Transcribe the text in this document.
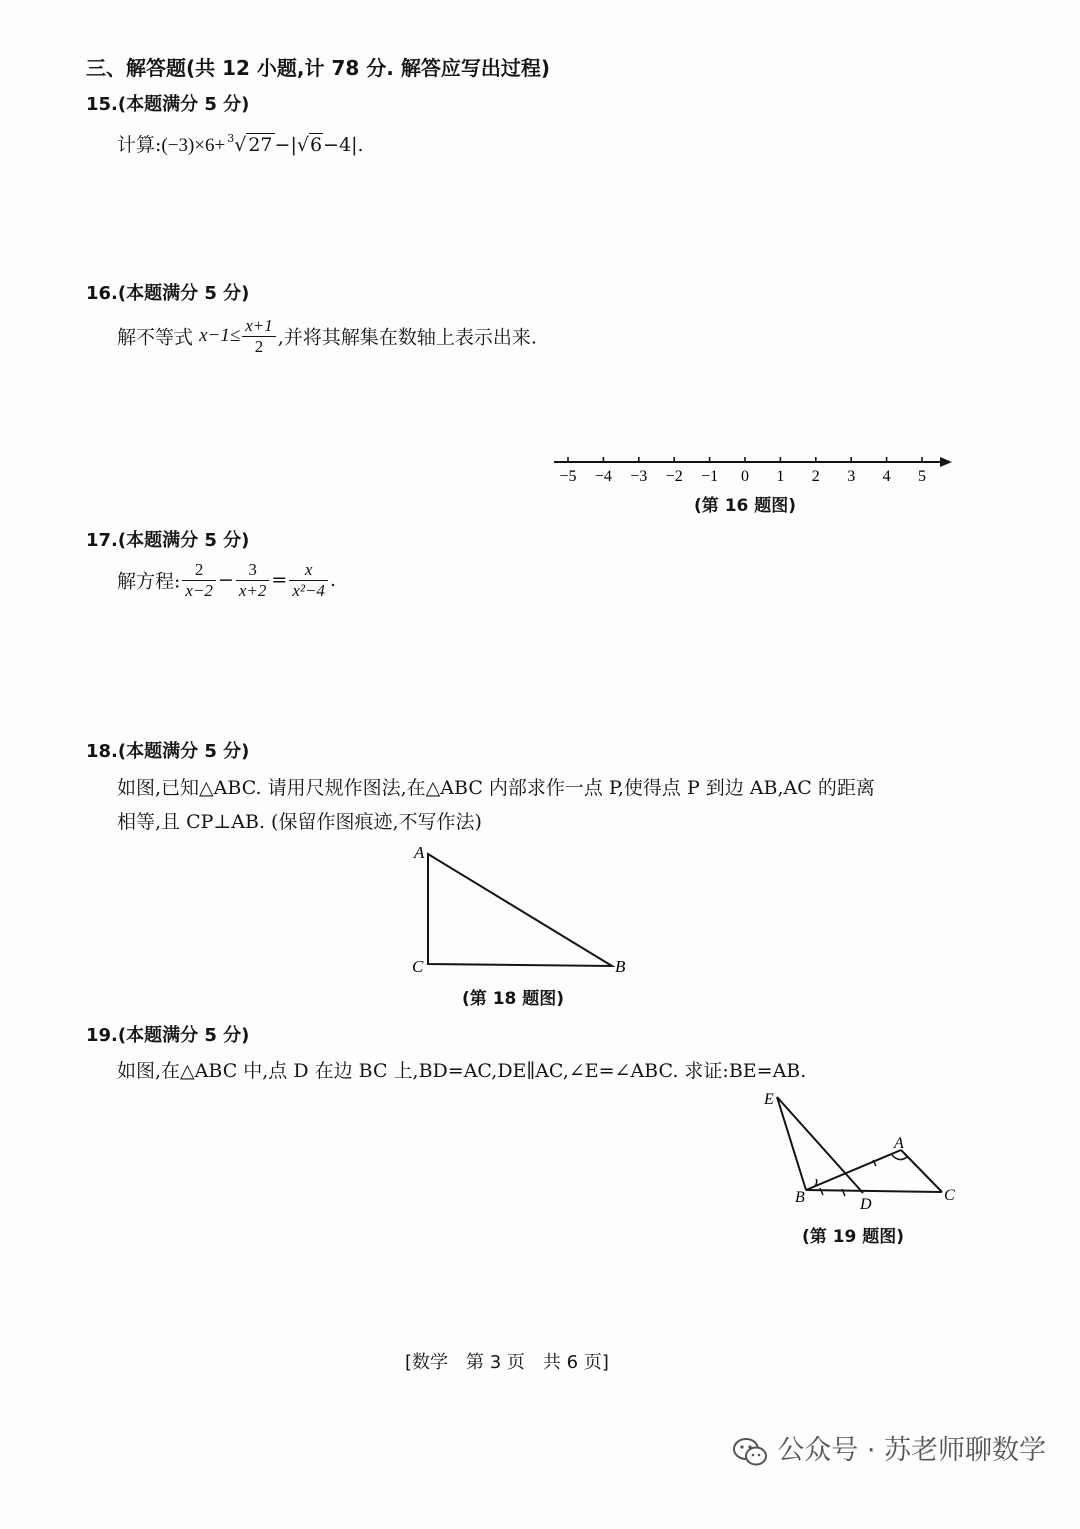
三、解答题(共 12 小题,计 78 分. 解答应写出过程)
15.(本题满分 5 分)
计算:(−3)×6+ $^3$√ 27 −|√6−4|.
16.(本题满分 5 分)
解不等式 $x-1\le \frac{x+1}{2}$ ,并将其解集在数轴上表示出来.
−5 −4 −3 −2 −1 0 1 2 3 4 5
(第 16 题图)
17.(本题满分 5 分)
解方程: $\frac{2}{x-2} - \frac{3}{x+2} = \frac{x}{\text{x²−4}}$ .
18.(本题满分 5 分)
如图,已知△ABC. 请用尺规作图法,在△ABC 内部求作一点 P,使得点 P 到边 AB,AC 的距离
相等,且 CP⊥AB. (保留作图痕迹,不写作法)
A
C	B
(第 18 题图)
19.(本题满分 5 分)
如图,在△ABC 中,点 D 在边 BC 上,BD=AC,DE∥AC,∠E=∠ABC. 求证:BE=AB.
E
A
B	D
C
(第 19 题图)
[数学　第 3 页　共 6 页]
公众号 · 苏老师聊数学
